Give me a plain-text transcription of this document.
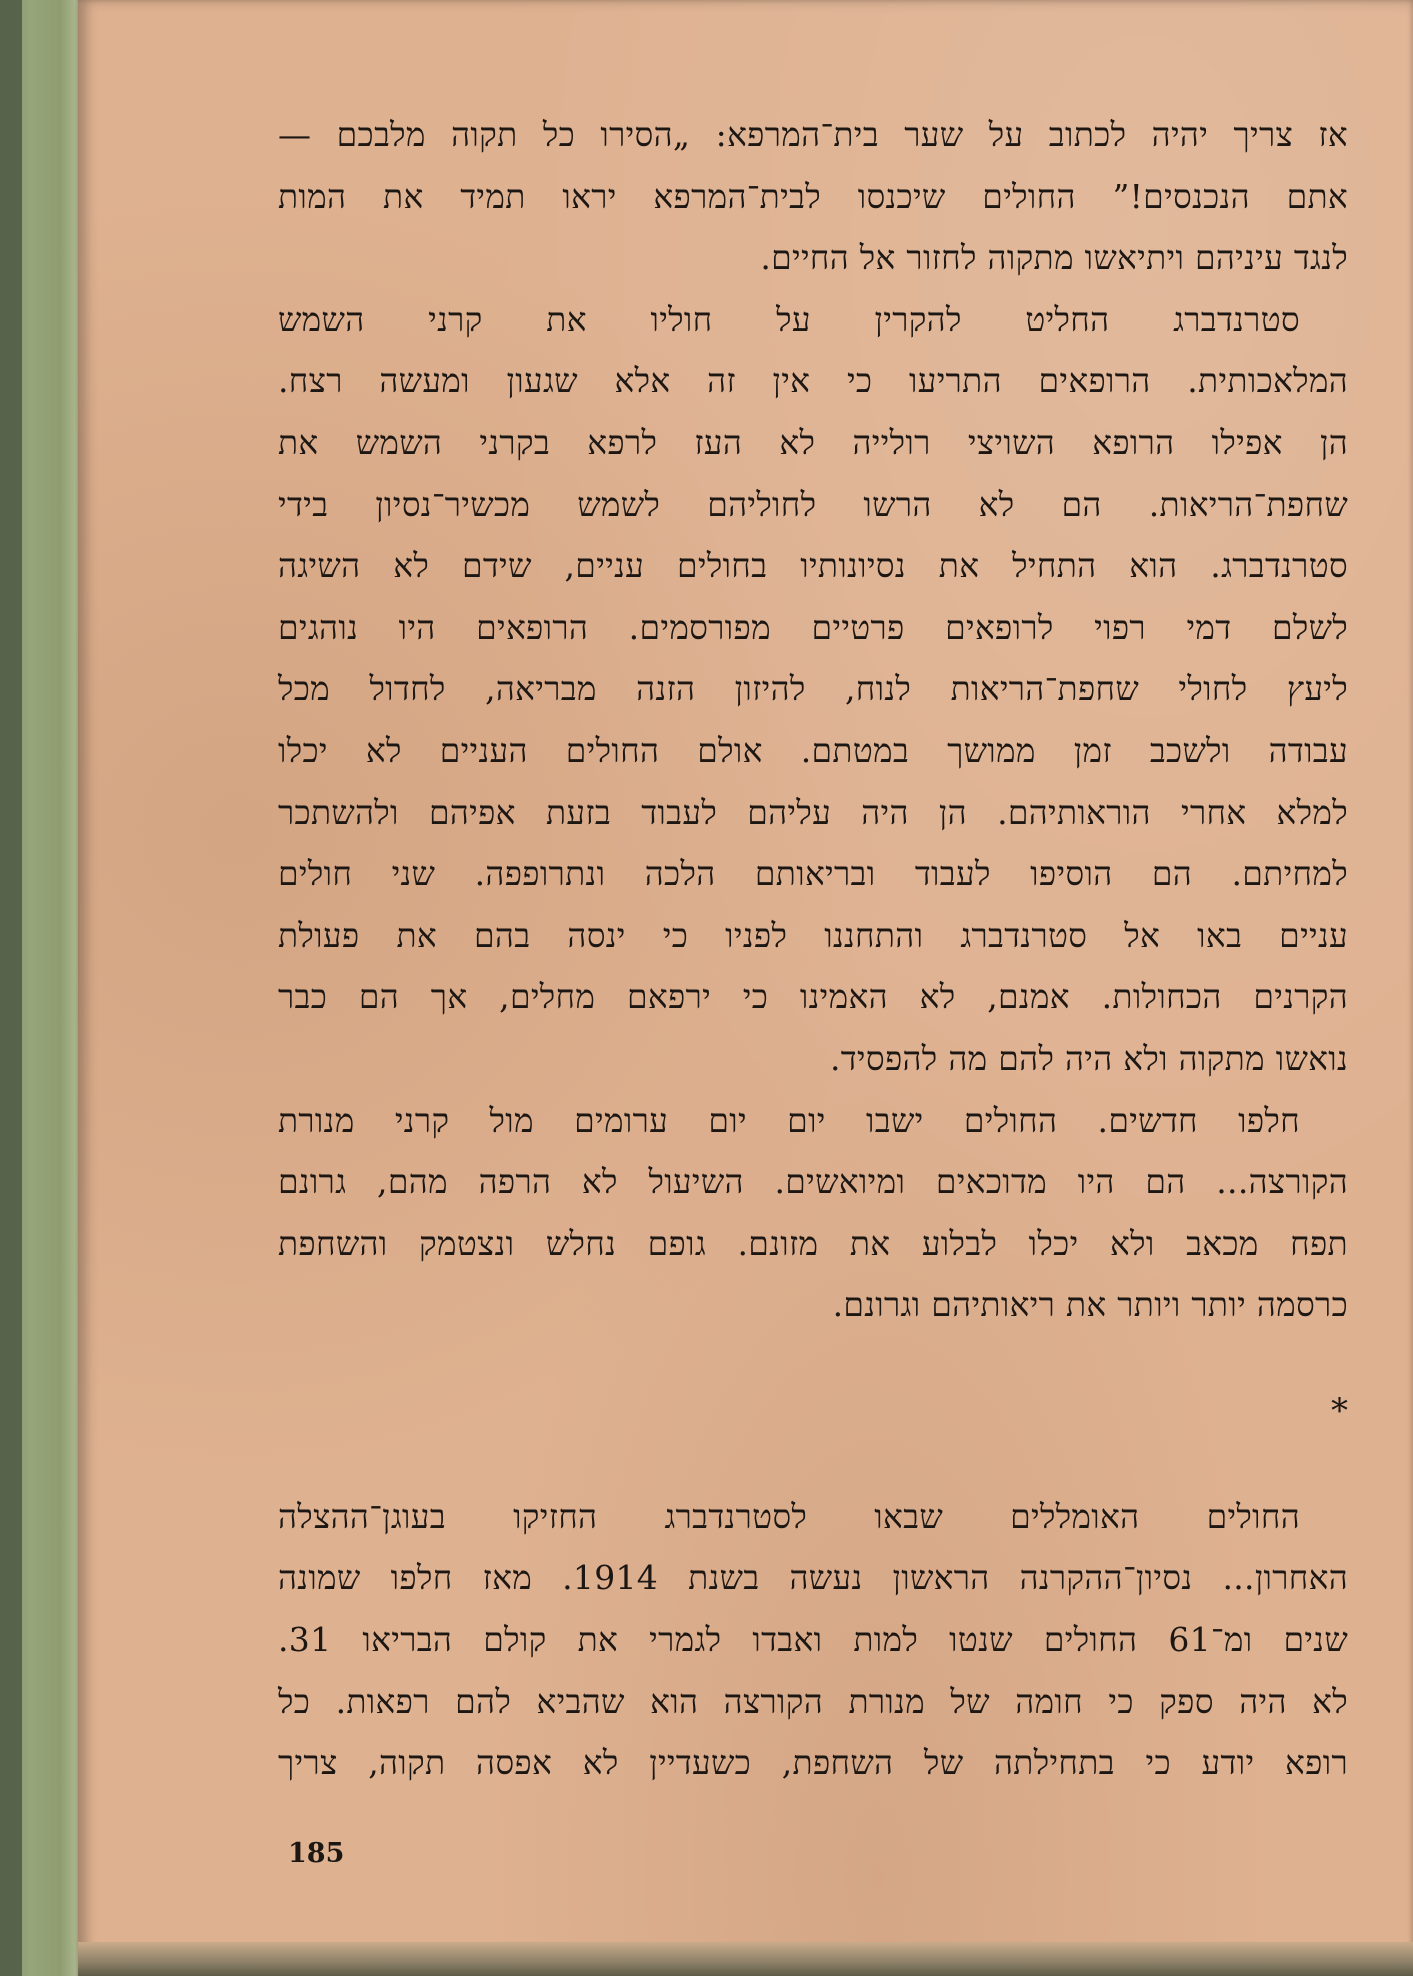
אז צריך יהיה לכתוב על שער בית־המרפא: „הסירו כל תקוה מלבכם —
אתם הנכנסים!” החולים שיכנסו לבית־המרפא יראו תמיד את המות
לנגד עיניהם ויתיאשו מתקוה לחזור אל החיים.
סטרנדברג החליט להקרין על חוליו את קרני השמש
המלאכותית. הרופאים התריעו כי אין זה אלא שגעון ומעשה רצח.
הן אפילו הרופא השויצי רולייה לא העז לרפא בקרני השמש את
שחפת־הריאות. הם לא הרשו לחוליהם לשמש מכשיר־נסיון בידי
סטרנדברג. הוא התחיל את נסיונותיו בחולים עניים, שידם לא השיגה
לשלם דמי רפוי לרופאים פרטיים מפורסמים. הרופאים היו נוהגים
ליעץ לחולי שחפת־הריאות לנוח, להיזון הזנה מבריאה, לחדול מכל
עבודה ולשכב זמן ממושך במטתם. אולם החולים העניים לא יכלו
למלא אחרי הוראותיהם. הן היה עליהם לעבוד בזעת אפיהם ולהשתכר
למחיתם. הם הוסיפו לעבוד ובריאותם הלכה ונתרופפה. שני חולים
עניים באו אל סטרנדברג והתחננו לפניו כי ינסה בהם את פעולת
הקרנים הכחולות. אמנם, לא האמינו כי ירפאם מחלים, אך הם כבר
נואשו מתקוה ולא היה להם מה להפסיד.
חלפו חדשים. החולים ישבו יום יום ערומים מול קרני מנורת
הקורצה... הם היו מדוכאים ומיואשים. השיעול לא הרפה מהם, גרונם
תפח מכאב ולא יכלו לבלוע את מזונם. גופם נחלש ונצטמק והשחפת
כרסמה יותר ויותר את ריאותיהם וגרונם.
*
החולים האומללים שבאו לסטרנדברג החזיקו בעוגן־ההצלה
האחרון... נסיון־ההקרנה הראשון נעשה בשנת 1914. מאז חלפו שמונה
שנים ומ־61 החולים שנטו למות ואבדו לגמרי את קולם הבריאו 31.
לא היה ספק כי חומה של מנורת הקורצה הוא שהביא להם רפאות. כל
רופא יודע כי בתחילתה של השחפת, כשעדיין לא אפסה תקוה, צריך
185
